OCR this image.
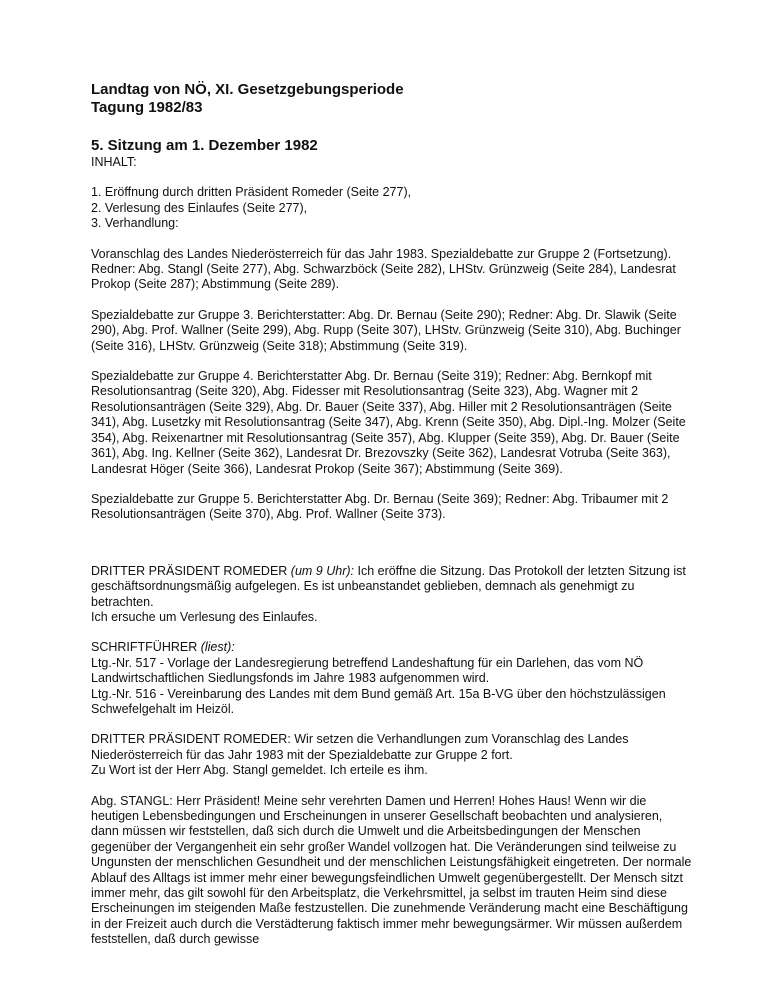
Landtag von NÖ, XI. Gesetzgebungsperiode
Tagung 1982/83
5. Sitzung am 1. Dezember 1982
INHALT:
1. Eröffnung durch dritten Präsident Romeder (Seite 277),
2. Verlesung des Einlaufes (Seite 277),
3. Verhandlung:

Voranschlag des Landes Niederösterreich für das Jahr 1983. Spezialdebatte zur Gruppe 2 (Fortsetzung). Redner: Abg. Stangl (Seite 277), Abg. Schwarzböck (Seite 282), LHStv. Grünzweig (Seite 284), Landesrat Prokop (Seite 287); Abstimmung (Seite 289).

Spezialdebatte zur Gruppe 3. Berichterstatter: Abg. Dr. Bernau (Seite 290); Redner: Abg. Dr. Slawik (Seite 290), Abg. Prof. Wallner (Seite 299), Abg. Rupp (Seite 307), LHStv. Grünzweig (Seite 310), Abg. Buchinger (Seite 316), LHStv. Grünzweig (Seite 318); Abstimmung (Seite 319).

Spezialdebatte zur Gruppe 4. Berichterstatter Abg. Dr. Bernau (Seite 319); Redner: Abg. Bernkopf mit Resolutionsantrag (Seite 320), Abg. Fidesser mit Resolutionsantrag (Seite 323), Abg. Wagner mit 2 Resolutionsanträgen (Seite 329), Abg. Dr. Bauer (Seite 337), Abg. Hiller mit 2 Resolutionsanträgen (Seite 341), Abg. Lusetzky mit Resolutionsantrag (Seite 347), Abg. Krenn (Seite 350), Abg. Dipl.-Ing. Molzer (Seite 354), Abg. Reixenartner mit Resolutionsantrag (Seite 357), Abg. Klupper (Seite 359), Abg. Dr. Bauer (Seite 361), Abg. Ing. Kellner (Seite 362), Landesrat Dr. Brezovszky (Seite 362), Landesrat Votruba (Seite 363), Landesrat Höger (Seite 366), Landesrat Prokop (Seite 367); Abstimmung (Seite 369).

Spezialdebatte zur Gruppe 5. Berichterstatter Abg. Dr. Bernau (Seite 369); Redner: Abg. Tribaumer mit 2 Resolutionsanträgen (Seite 370), Abg. Prof. Wallner (Seite 373).

DRITTER PRÄSIDENT ROMEDER (um 9 Uhr): Ich eröffne die Sitzung. Das Protokoll der letzten Sitzung ist geschäftsordnungsmäßig aufgelegen. Es ist unbeanstandet geblieben, demnach als genehmigt zu betrachten.

Ich ersuche um Verlesung des Einlaufes.

SCHRIFTFÜHRER (liest):

Ltg.-Nr. 517 - Vorlage der Landesregierung betreffend Landeshaftung für ein Darlehen, das vom NÖ Landwirtschaftlichen Siedlungsfonds im Jahre 1983 aufgenommen wird.
Ltg.-Nr. 516 - Vereinbarung des Landes mit dem Bund gemäß Art. 15a B-VG über den höchstzulässigen Schwefelgehalt im Heizöl.

DRITTER PRÄSIDENT ROMEDER: Wir setzen die Verhandlungen zum Voranschlag des Landes Niederösterreich für das Jahr 1983 mit der Spezialdebatte zur Gruppe 2 fort.

Zu Wort ist der Herr Abg. Stangl gemeldet. Ich erteile es ihm.

Abg. STANGL: Herr Präsident! Meine sehr verehrten Damen und Herren! Hohes Haus! Wenn wir die heutigen Lebensbedingungen und Erscheinungen in unserer Gesellschaft beobachten und analysieren, dann müssen wir feststellen, daß sich durch die Umwelt und die Arbeitsbedingungen der Menschen gegenüber der Vergangenheit ein sehr großer Wandel vollzogen hat. Die Veränderungen sind teilweise zu Ungunsten der menschlichen Gesundheit und der menschlichen Leistungsfähigkeit eingetreten. Der normale Ablauf des Alltags ist immer mehr einer bewegungsfeindlichen Umwelt gegenübergestellt. Der Mensch sitzt immer mehr, das gilt sowohl für den Arbeitsplatz, die Verkehrsmittel, ja selbst im trauten Heim sind diese Erscheinungen im steigenden Maße festzustellen. Die zunehmende Veränderung macht eine Beschäftigung in der Freizeit auch durch die Verstädterung faktisch immer mehr bewegungsärmer. Wir müssen außerdem feststellen, daß durch gewisse
